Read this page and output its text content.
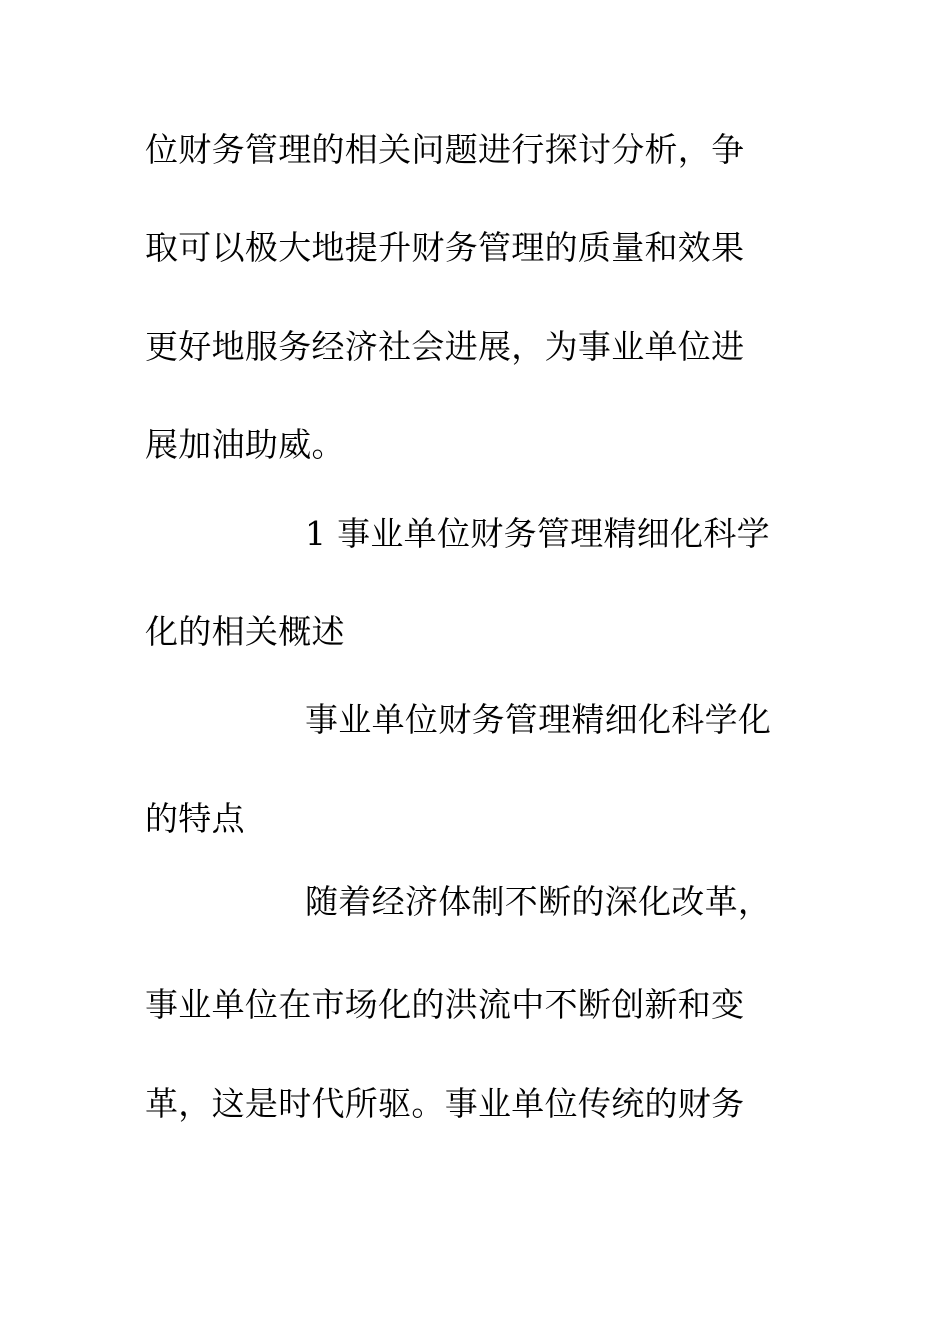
位财务管理的相关问题进行探讨分析，争
取可以极大地提升财务管理的质量和效果
更好地服务经济社会进展，为事业单位进
展加油助威。
1 事业单位财务管理精细化科学
化的相关概述
事业单位财务管理精细化科学化
的特点
随着经济体制不断的深化改革，
事业单位在市场化的洪流中不断创新和变
革，这是时代所驱。事业单位传统的财务
